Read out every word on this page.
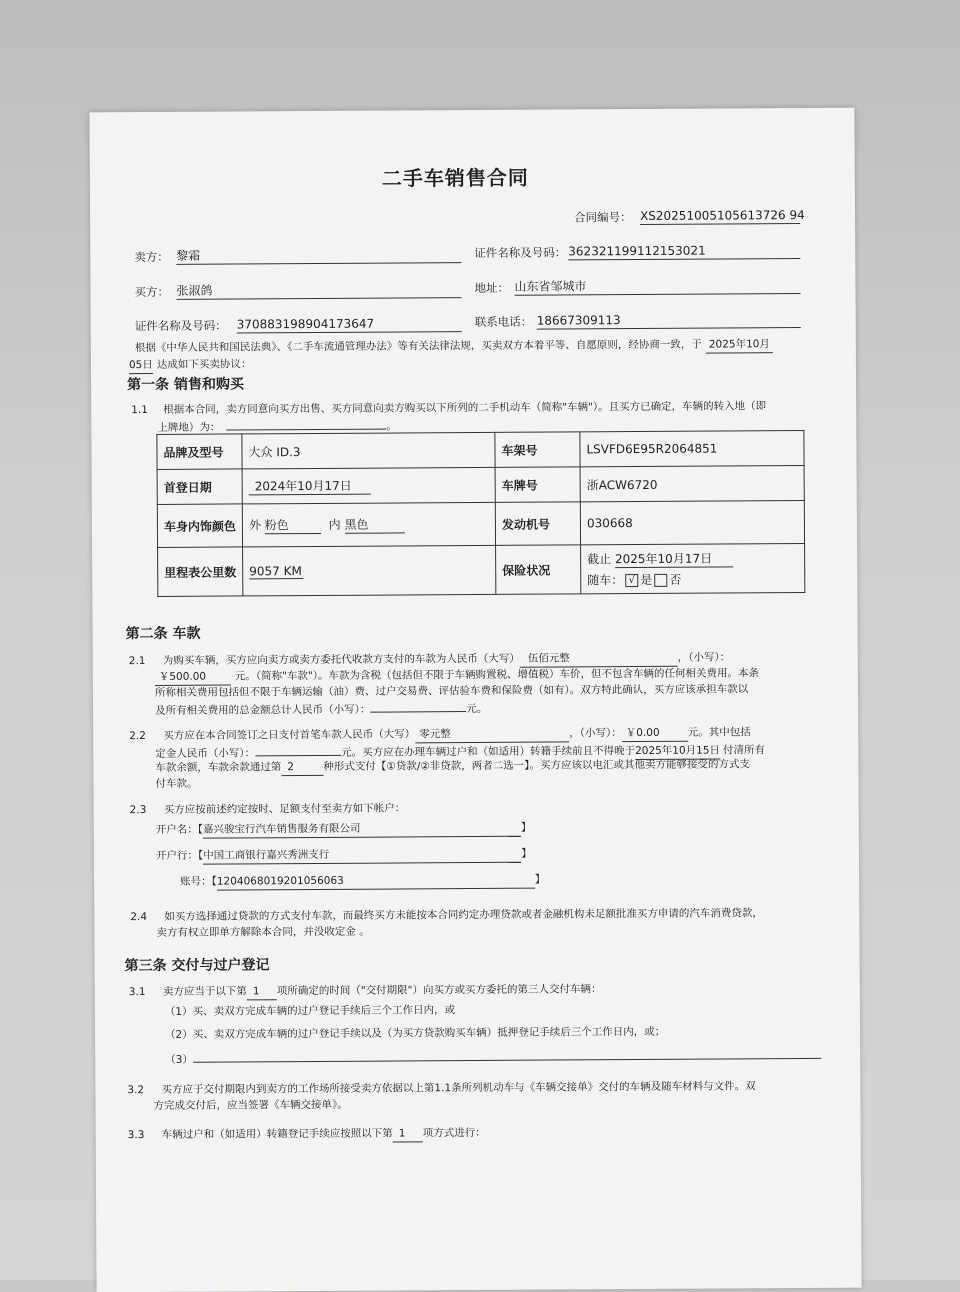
二手车销售合同
合同编号： XS20251005105613726 94
卖方： 黎霜	证件名称及号码： 362321199112153021
买方： 张淑鸽	地址： 山东省邹城市
证件名称及号码： 370883198904173647	联系电话： 18667309113
根据《中华人民共和国民法典》、《二手车流通管理办法》等有关法律法规，买卖双方本着平等、自愿原则，经协商一致，于 2025年10月
05日 达成如下买卖协议：
第一条 销售和购买
1.1 根据本合同，卖方同意向买方出售、买方同意向卖方购买以下所列的二手机动车（简称"车辆"）。且买方已确定，车辆的转入地（即
上牌地）为：	。
品牌及型号	大众 ID.3	车架号	LSVFD6E95R2064851
首登日期	2024年10月17日	车牌号	浙ACW6720
车身内饰颜色	外 粉色 内 黑色	发动机号	030668
里程表公里数	9057 KM	保险状况	截止 2025年10月17日
随车： √ 是 否
第二条 车款
2.1 为购买车辆，买方应向卖方或卖方委托代收款方支付的车款为人民币（大写） 伍佰元整	，（小写）：
￥500.00	元。（简称"车款"）。车款为含税（包括但不限于车辆购置税、增值税）车价，但不包含车辆的任何相关费用。本条
所称相关费用包括但不限于车辆运输（油）费、过户交易费、评估验车费和保险费（如有）。双方特此确认，买方应该承担车款以
及所有相关费用的总金额总计人民币（小写）：	元。
2.2 买方应在本合同签订之日支付首笔车款人民币（大写） 零元整	，（小写）： ￥0.00	元。其中包括
定金人民币（小写）：	元。买方应在办理车辆过户和（如适用）转籍手续前且不得晚于2025年10月15日 付清所有
车款余额，车款余款通过第 2	种形式支付【①贷款/②非贷款，两者二选一】。买方应该以电汇或其他卖方能够接受的方式支
付车款。
2.3 买方应按前述约定按时、足额支付至卖方如下帐户：
开户名：【嘉兴骏宝行汽车销售服务有限公司	】
开户行：【中国工商银行嘉兴秀洲支行	】
账号：【1204068019201056063	】
2.4 如买方选择通过贷款的方式支付车款，而最终买方未能按本合同约定办理贷款或者金融机构未足额批准买方申请的汽车消费贷款，
卖方有权立即单方解除本合同，并没收定金 。
第三条 交付与过户登记
3.1 卖方应当于以下第 1 项所确定的时间（"交付期限"）向买方或买方委托的第三人交付车辆：
（1）买、卖双方完成车辆的过户登记手续后三个工作日内，或
（2）买、卖双方完成车辆的过户登记手续以及（为买方贷款购买车辆）抵押登记手续后三个工作日内，或；
（3）
3.2 买方应于交付期限内到卖方的工作场所接受卖方依据以上第1.1条所列机动车与《车辆交接单》交付的车辆及随车材料与文件。双
方完成交付后，应当签署《车辆交接单》。
3.3 车辆过户和（如适用）转籍登记手续应按照以下第 1 项方式进行：
